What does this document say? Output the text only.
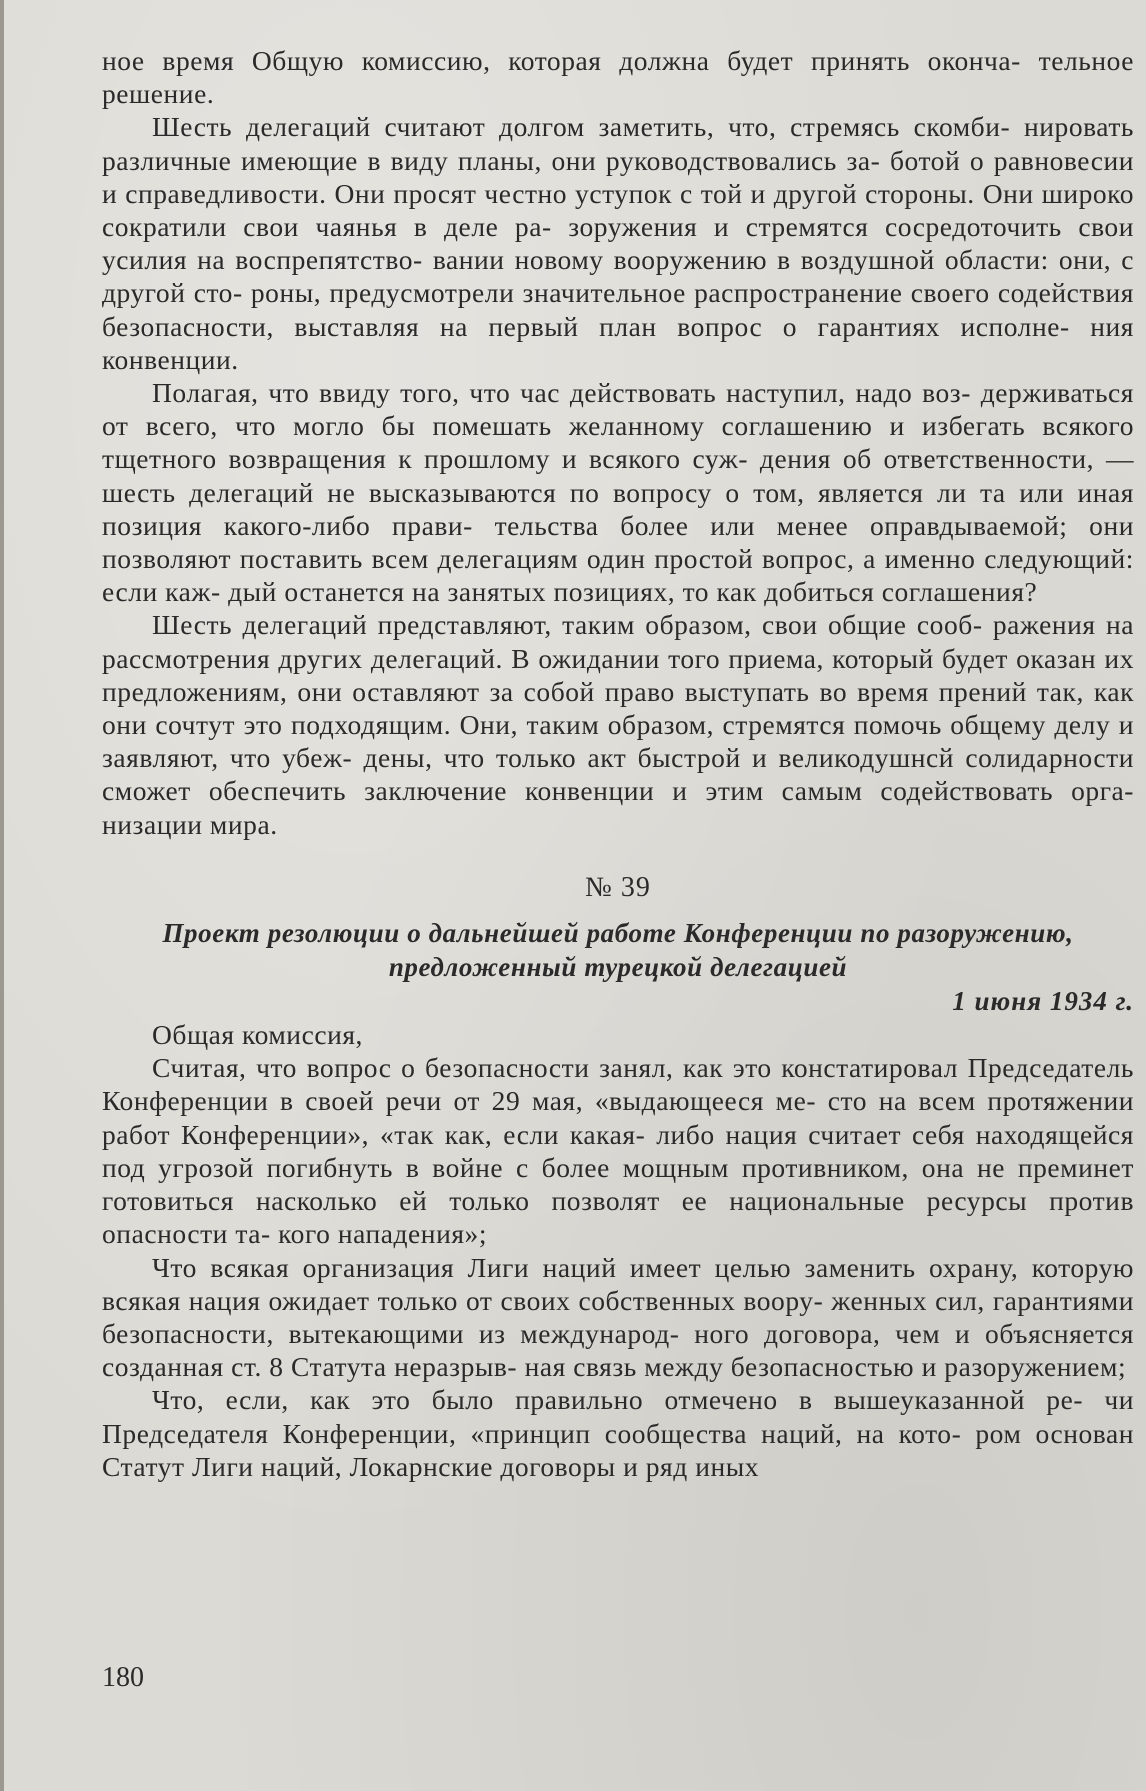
ное время Общую комиссию, которая должна будет принять оконча- тельное решение.

Шесть делегаций считают долгом заметить, что, стремясь скомби- нировать различные имеющие в виду планы, они руководствовались за- ботой о равновесии и справедливости. Они просят честно уступок с той и другой стороны. Они широко сократили свои чаянья в деле ра- зоружения и стремятся сосредоточить свои усилия на воспрепятство- вании новому вооружению в воздушной области: они, с другой сто- роны, предусмотрели значительное распространение своего содействия безопасности, выставляя на первый план вопрос о гарантиях исполне- ния конвенции.

Полагая, что ввиду того, что час действовать наступил, надо воз- держиваться от всего, что могло бы помешать желанному соглашению и избегать всякого тщетного возвращения к прошлому и всякого суж- дения об ответственности, — шесть делегаций не высказываются по вопросу о том, является ли та или иная позиция какого-либо прави- тельства более или менее оправдываемой; они позволяют поставить всем делегациям один простой вопрос, а именно следующий: если каж- дый останется на занятых позициях, то как добиться соглашения?

Шесть делегаций представляют, таким образом, свои общие сооб- ражения на рассмотрения других делегаций. В ожидании того приема, который будет оказан их предложениям, они оставляют за собой право выступать во время прений так, как они сочтут это подходящим. Они, таким образом, стремятся помочь общему делу и заявляют, что убеж- дены, что только акт быстрой и великодушнсй солидарности сможет обеспечить заключение конвенции и этим самым содействовать орга- низации мира.

№ 39

Проект резолюции о дальнейшей работе Конференции по разоружению, предложенный турецкой делегацией

1 июня 1934 г.

Общая комиссия,

Считая, что вопрос о безопасности занял, как это констатировал Председатель Конференции в своей речи от 29 мая, «выдающееся ме- сто на всем протяжении работ Конференции», «так как, если какая- либо нация считает себя находящейся под угрозой погибнуть в войне с более мощным противником, она не преминет готовиться насколько ей только позволят ее национальные ресурсы против опасности та- кого нападения»;

Что всякая организация Лиги наций имеет целью заменить охрану, которую всякая нация ожидает только от своих собственных воору- женных сил, гарантиями безопасности, вытекающими из международ- ного договора, чем и объясняется созданная ст. 8 Статута неразрыв- ная связь между безопасностью и разоружением;

Что, если, как это было правильно отмечено в вышеуказанной ре- чи Председателя Конференции, «принцип сообщества наций, на кото- ром основан Статут Лиги наций, Локарнские договоры и ряд иных

180
